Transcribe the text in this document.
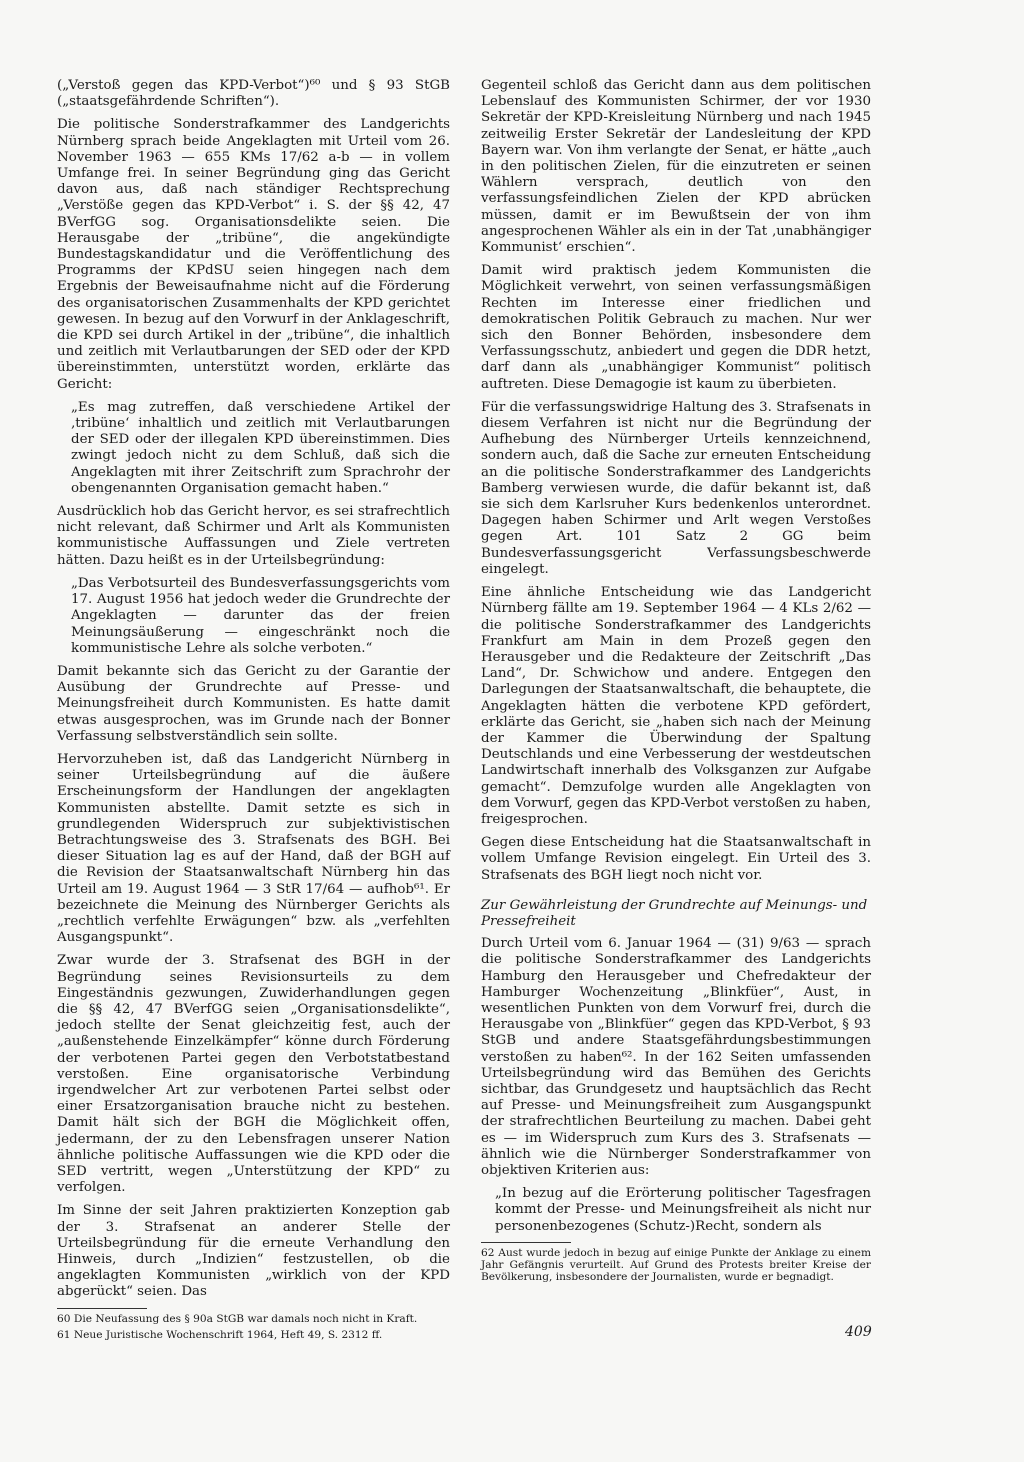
(„Verstoß gegen das KPD-Verbot“)⁶⁰ und § 93 StGB („staatsgefährdende Schriften“).

Die politische Sonderstrafkammer des Landgerichts Nürnberg sprach beide Angeklagten mit Urteil vom 26. November 1963 — 655 KMs 17/62 a-b — in vollem Umfange frei. In seiner Begründung ging das Gericht davon aus, daß nach ständiger Rechtsprechung „Verstöße gegen das KPD-Verbot“ i. S. der §§ 42, 47 BVerfGG sog. Organisationsdelikte seien. Die Herausgabe der „tribüne“, die angekündigte Bundestagskandidatur und die Veröffentlichung des Programms der KPdSU seien hingegen nach dem Ergebnis der Beweisaufnahme nicht auf die Förderung des organisatorischen Zusammenhalts der KPD gerichtet gewesen. In bezug auf den Vorwurf in der Anklageschrift, die KPD sei durch Artikel in der „tribüne“, die inhaltlich und zeitlich mit Verlautbarungen der SED oder der KPD übereinstimmten, unterstützt worden, erklärte das Gericht:

„Es mag zutreffen, daß verschiedene Artikel der ‚tribüne‘ inhaltlich und zeitlich mit Verlautbarungen der SED oder der illegalen KPD übereinstimmen. Dies zwingt jedoch nicht zu dem Schluß, daß sich die Angeklagten mit ihrer Zeitschrift zum Sprachrohr der obengenannten Organisation gemacht haben.“

Ausdrücklich hob das Gericht hervor, es sei strafrechtlich nicht relevant, daß Schirmer und Arlt als Kommunisten kommunistische Auffassungen und Ziele vertreten hätten. Dazu heißt es in der Urteilsbegründung:

„Das Verbotsurteil des Bundesverfassungsgerichts vom 17. August 1956 hat jedoch weder die Grundrechte der Angeklagten — darunter das der freien Meinungsäußerung — eingeschränkt noch die kommunistische Lehre als solche verboten.“

Damit bekannte sich das Gericht zu der Garantie der Ausübung der Grundrechte auf Presse- und Meinungsfreiheit durch Kommunisten. Es hatte damit etwas ausgesprochen, was im Grunde nach der Bonner Verfassung selbstverständlich sein sollte.

Hervorzuheben ist, daß das Landgericht Nürnberg in seiner Urteilsbegründung auf die äußere Erscheinungsform der Handlungen der angeklagten Kommunisten abstellte. Damit setzte es sich in grundlegenden Widerspruch zur subjektivistischen Betrachtungsweise des 3. Strafsenats des BGH. Bei dieser Situation lag es auf der Hand, daß der BGH auf die Revision der Staatsanwaltschaft Nürnberg hin das Urteil am 19. August 1964 — 3 StR 17/64 — aufhob⁶¹. Er bezeichnete die Meinung des Nürnberger Gerichts als „rechtlich verfehlte Erwägungen“ bzw. als „verfehlten Ausgangspunkt“.

Zwar wurde der 3. Strafsenat des BGH in der Begründung seines Revisionsurteils zu dem Eingeständnis gezwungen, Zuwiderhandlungen gegen die §§ 42, 47 BVerfGG seien „Organisationsdelikte“, jedoch stellte der Senat gleichzeitig fest, auch der „außenstehende Einzelkämpfer“ könne durch Förderung der verbotenen Partei gegen den Verbotstatbestand verstoßen. Eine organisatorische Verbindung irgendwelcher Art zur verbotenen Partei selbst oder einer Ersatzorganisation brauche nicht zu bestehen. Damit hält sich der BGH die Möglichkeit offen, jedermann, der zu den Lebensfragen unserer Nation ähnliche politische Auffassungen wie die KPD oder die SED vertritt, wegen „Unterstützung der KPD“ zu verfolgen.

Im Sinne der seit Jahren praktizierten Konzeption gab der 3. Strafsenat an anderer Stelle der Urteilsbegründung für die erneute Verhandlung den Hinweis, durch „Indizien“ festzustellen, ob die angeklagten Kommunisten „wirklich von der KPD abgerückt“ seien. Das

60 Die Neufassung des § 90a StGB war damals noch nicht in Kraft.
61 Neue Juristische Wochenschrift 1964, Heft 49, S. 2312 ff.

Gegenteil schloß das Gericht dann aus dem politischen Lebenslauf des Kommunisten Schirmer, der vor 1930 Sekretär der KPD-Kreisleitung Nürnberg und nach 1945 zeitweilig Erster Sekretär der Landesleitung der KPD Bayern war. Von ihm verlangte der Senat, er hätte „auch in den politischen Zielen, für die einzutreten er seinen Wählern versprach, deutlich von den verfassungsfeindlichen Zielen der KPD abrücken müssen, damit er im Bewußtsein der von ihm angesprochenen Wähler als ein in der Tat ‚unabhängiger Kommunist‘ erschien“.

Damit wird praktisch jedem Kommunisten die Möglichkeit verwehrt, von seinen verfassungsmäßigen Rechten im Interesse einer friedlichen und demokratischen Politik Gebrauch zu machen. Nur wer sich den Bonner Behörden, insbesondere dem Verfassungsschutz, anbiedert und gegen die DDR hetzt, darf dann als „unabhängiger Kommunist“ politisch auftreten. Diese Demagogie ist kaum zu überbieten.

Für die verfassungswidrige Haltung des 3. Strafsenats in diesem Verfahren ist nicht nur die Begründung der Aufhebung des Nürnberger Urteils kennzeichnend, sondern auch, daß die Sache zur erneuten Entscheidung an die politische Sonderstrafkammer des Landgerichts Bamberg verwiesen wurde, die dafür bekannt ist, daß sie sich dem Karlsruher Kurs bedenkenlos unterordnet. Dagegen haben Schirmer und Arlt wegen Verstoßes gegen Art. 101 Satz 2 GG beim Bundesverfassungsgericht Verfassungsbeschwerde eingelegt.

Eine ähnliche Entscheidung wie das Landgericht Nürnberg fällte am 19. September 1964 — 4 KLs 2/62 — die politische Sonderstrafkammer des Landgerichts Frankfurt am Main in dem Prozeß gegen den Herausgeber und die Redakteure der Zeitschrift „Das Land“, Dr. Schwichow und andere. Entgegen den Darlegungen der Staatsanwaltschaft, die behauptete, die Angeklagten hätten die verbotene KPD gefördert, erklärte das Gericht, sie „haben sich nach der Meinung der Kammer die Überwindung der Spaltung Deutschlands und eine Verbesserung der westdeutschen Landwirtschaft innerhalb des Volksganzen zur Aufgabe gemacht“. Demzufolge wurden alle Angeklagten von dem Vorwurf, gegen das KPD-Verbot verstoßen zu haben, freigesprochen.

Gegen diese Entscheidung hat die Staatsanwaltschaft in vollem Umfange Revision eingelegt. Ein Urteil des 3. Strafsenats des BGH liegt noch nicht vor.

Zur Gewährleistung der Grundrechte auf Meinungs- und Pressefreiheit

Durch Urteil vom 6. Januar 1964 — (31) 9/63 — sprach die politische Sonderstrafkammer des Landgerichts Hamburg den Herausgeber und Chefredakteur der Hamburger Wochenzeitung „Blinkfüer“, Aust, in wesentlichen Punkten von dem Vorwurf frei, durch die Herausgabe von „Blinkfüer“ gegen das KPD-Verbot, § 93 StGB und andere Staatsgefährdungsbestimmungen verstoßen zu haben⁶². In der 162 Seiten umfassenden Urteilsbegründung wird das Bemühen des Gerichts sichtbar, das Grundgesetz und hauptsächlich das Recht auf Presse- und Meinungsfreiheit zum Ausgangspunkt der strafrechtlichen Beurteilung zu machen. Dabei geht es — im Widerspruch zum Kurs des 3. Strafsenats — ähnlich wie die Nürnberger Sonderstrafkammer von objektiven Kriterien aus:

„In bezug auf die Erörterung politischer Tagesfragen kommt der Presse- und Meinungsfreiheit als nicht nur personenbezogenes (Schutz-)Recht, sondern als

62 Aust wurde jedoch in bezug auf einige Punkte der Anklage zu einem Jahr Gefängnis verurteilt. Auf Grund des Protests breiter Kreise der Bevölkerung, insbesondere der Journalisten, wurde er begnadigt.
409
